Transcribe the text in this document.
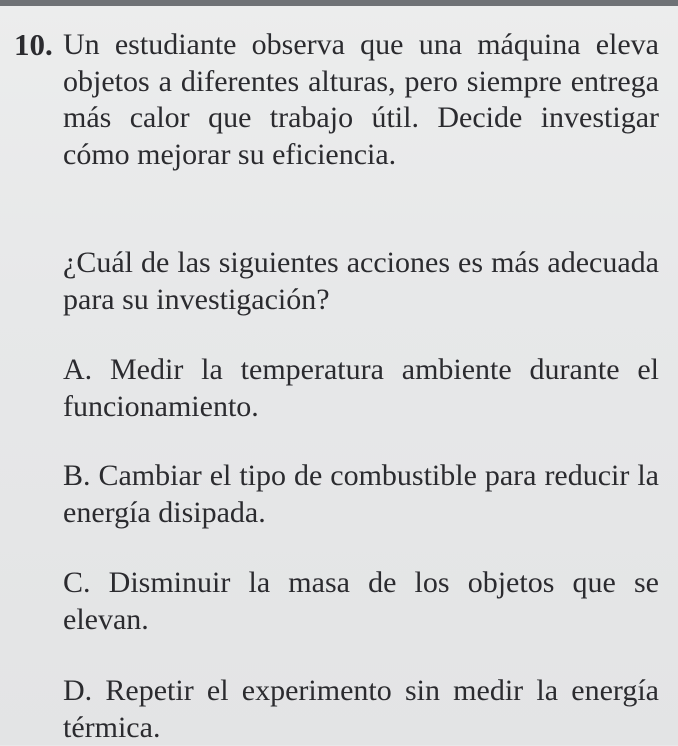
10. Un estudiante observa que una máquina eleva objetos a diferentes alturas, pero siempre entrega más calor que trabajo útil. Decide investigar cómo mejorar su eficiencia.
¿Cuál de las siguientes acciones es más adecuada para su investigación?
A. Medir la temperatura ambiente durante el funcionamiento.
B. Cambiar el tipo de combustible para reducir la energía disipada.
C. Disminuir la masa de los objetos que se elevan.
D. Repetir el experimento sin medir la energía térmica.
